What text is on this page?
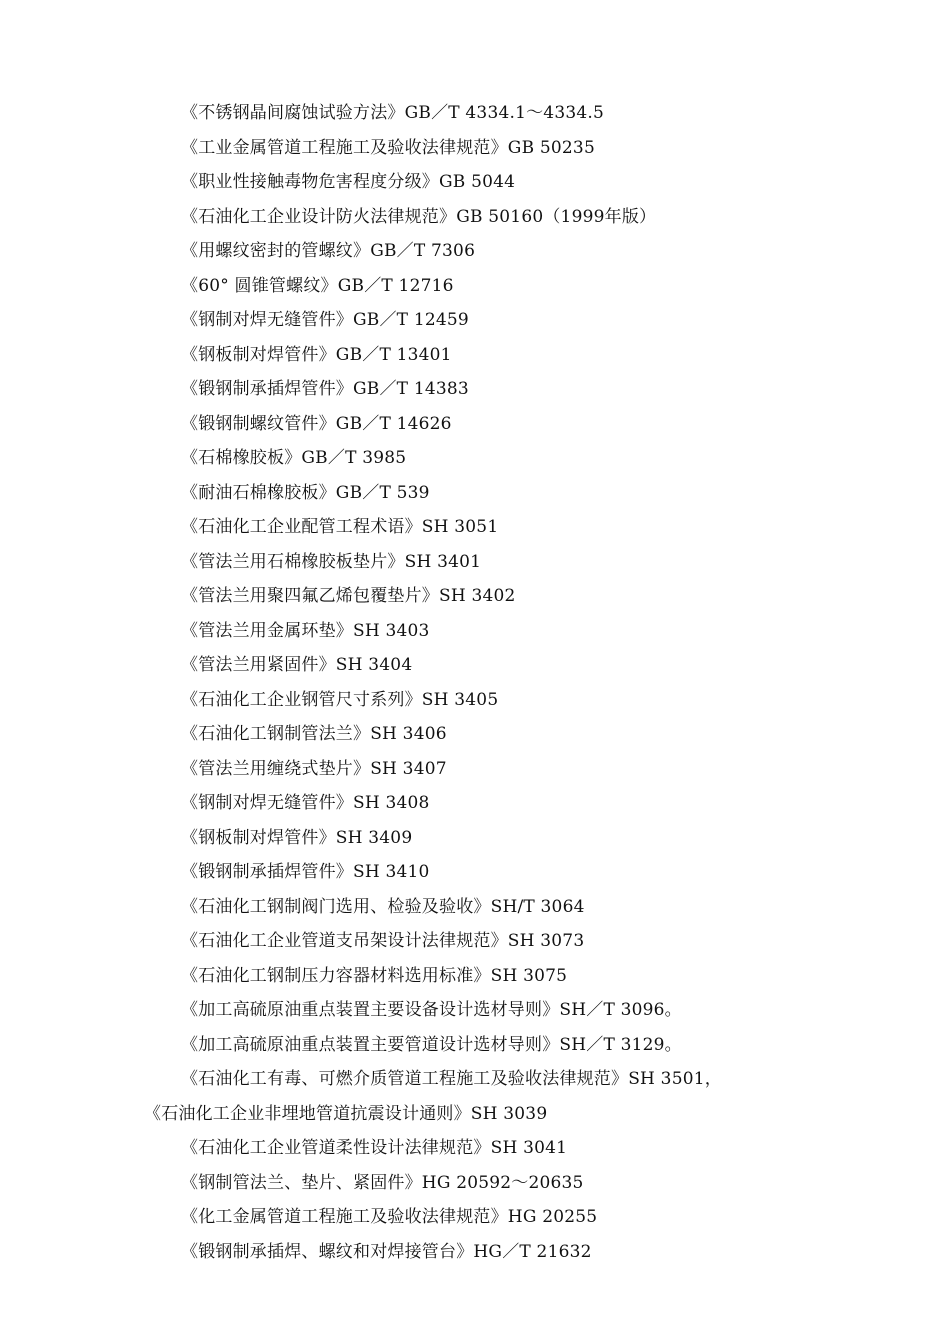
《不锈钢晶间腐蚀试验方法》GB／T 4334.1～4334.5
《工业金属管道工程施工及验收法律规范》GB 50235
《职业性接触毒物危害程度分级》GB 5044
《石油化工企业设计防火法律规范》GB 50160（1999年版）
《用螺纹密封的管螺纹》GB／T 7306
《60° 圆锥管螺纹》GB／T 12716
《钢制对焊无缝管件》GB／T 12459
《钢板制对焊管件》GB／T 13401
《锻钢制承插焊管件》GB／T 14383
《锻钢制螺纹管件》GB／T 14626
《石棉橡胶板》GB／T 3985
《耐油石棉橡胶板》GB／T 539
《石油化工企业配管工程术语》SH 3051
《管法兰用石棉橡胶板垫片》SH 3401
《管法兰用聚四氟乙烯包覆垫片》SH 3402
《管法兰用金属环垫》SH 3403
《管法兰用紧固件》SH 3404
《石油化工企业钢管尺寸系列》SH 3405
《石油化工钢制管法兰》SH 3406
《管法兰用缠绕式垫片》SH 3407
《钢制对焊无缝管件》SH 3408
《钢板制对焊管件》SH 3409
《锻钢制承插焊管件》SH 3410
《石油化工钢制阀门选用、检验及验收》SH/T 3064
《石油化工企业管道支吊架设计法律规范》SH 3073
《石油化工钢制压力容器材料选用标准》SH 3075
《加工高硫原油重点装置主要设备设计选材导则》SH／T 3096。
《加工高硫原油重点装置主要管道设计选材导则》SH／T 3129。
《石油化工有毒、可燃介质管道工程施工及验收法律规范》SH 3501，
《石油化工企业非埋地管道抗震设计通则》SH 3039
《石油化工企业管道柔性设计法律规范》SH 3041
《钢制管法兰、垫片、紧固件》HG 20592～20635
《化工金属管道工程施工及验收法律规范》HG 20255
《锻钢制承插焊、螺纹和对焊接管台》HG／T 21632
